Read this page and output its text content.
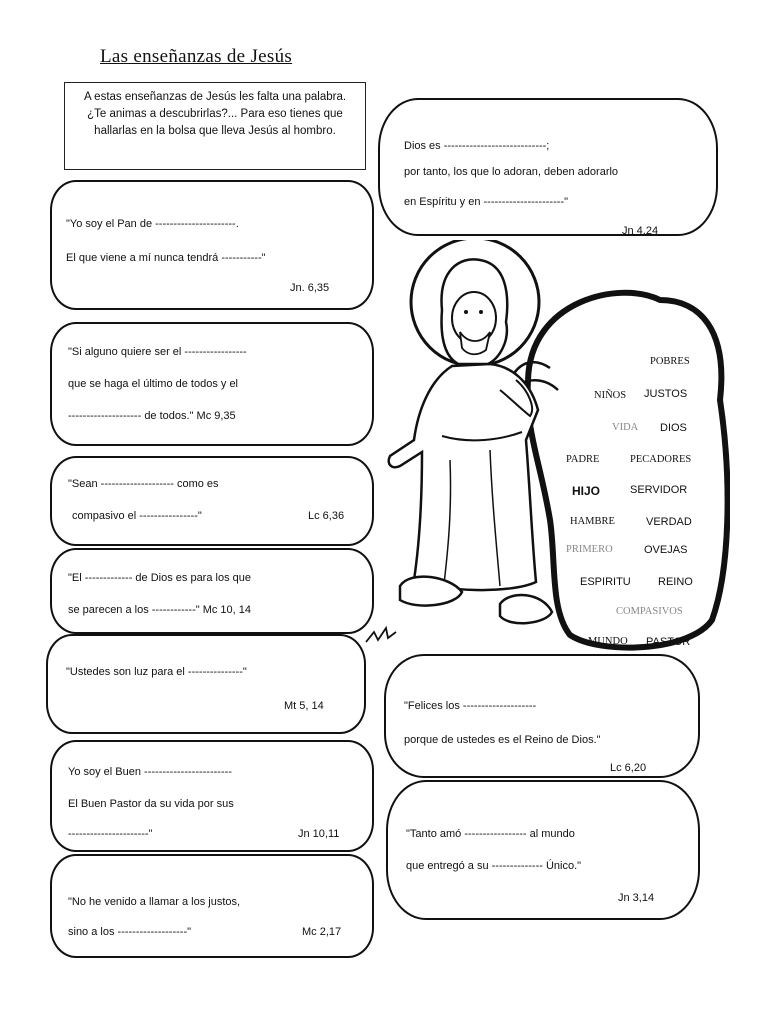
Las enseñanzas de Jesús
A estas enseñanzas de Jesús les falta una palabra. ¿Te animas a descubrirlas?... Para eso tienes que hallarlas en la bolsa que lleva Jesús al hombro.
Dios es ----------------------------;
por tanto, los que lo adoran, deben adorarlo
en Espíritu y en ----------------------"
Jn 4,24
"Yo soy el Pan de ----------------------.
El que viene a mí nunca tendrá -----------"
Jn. 6,35
"Si alguno quiere ser el -----------------
que se haga el último de todos y el
-------------------- de todos." Mc 9,35
"Sean -------------------- como es
compasivo el ----------------"	Lc 6,36
"El ------------- de Dios es para los que
se parecen a los ------------" Mc 10, 14
"Ustedes son luz para el ---------------"
Mt 5, 14
Yo soy el Buen ------------------------
El Buen Pastor da su vida por sus
----------------------"	Jn 10,11
"No he venido a llamar a los justos,
sino a los -------------------"	Mc 2,17
"Felices los --------------------
porque de ustedes es el Reino de Dios."
Lc 6,20
"Tanto amó ----------------- al mundo
que entregó a su -------------- Único."
Jn 3,14
POBRES
NIÑOS JUSTOS
VIDA DIOS
PADRE	PECADORES
HIJO	SERVIDOR
HAMBRE	VERDAD
PRIMERO	OVEJAS
ESPIRITU REINO
COMPASIVOS
MUNDO PASTOR
